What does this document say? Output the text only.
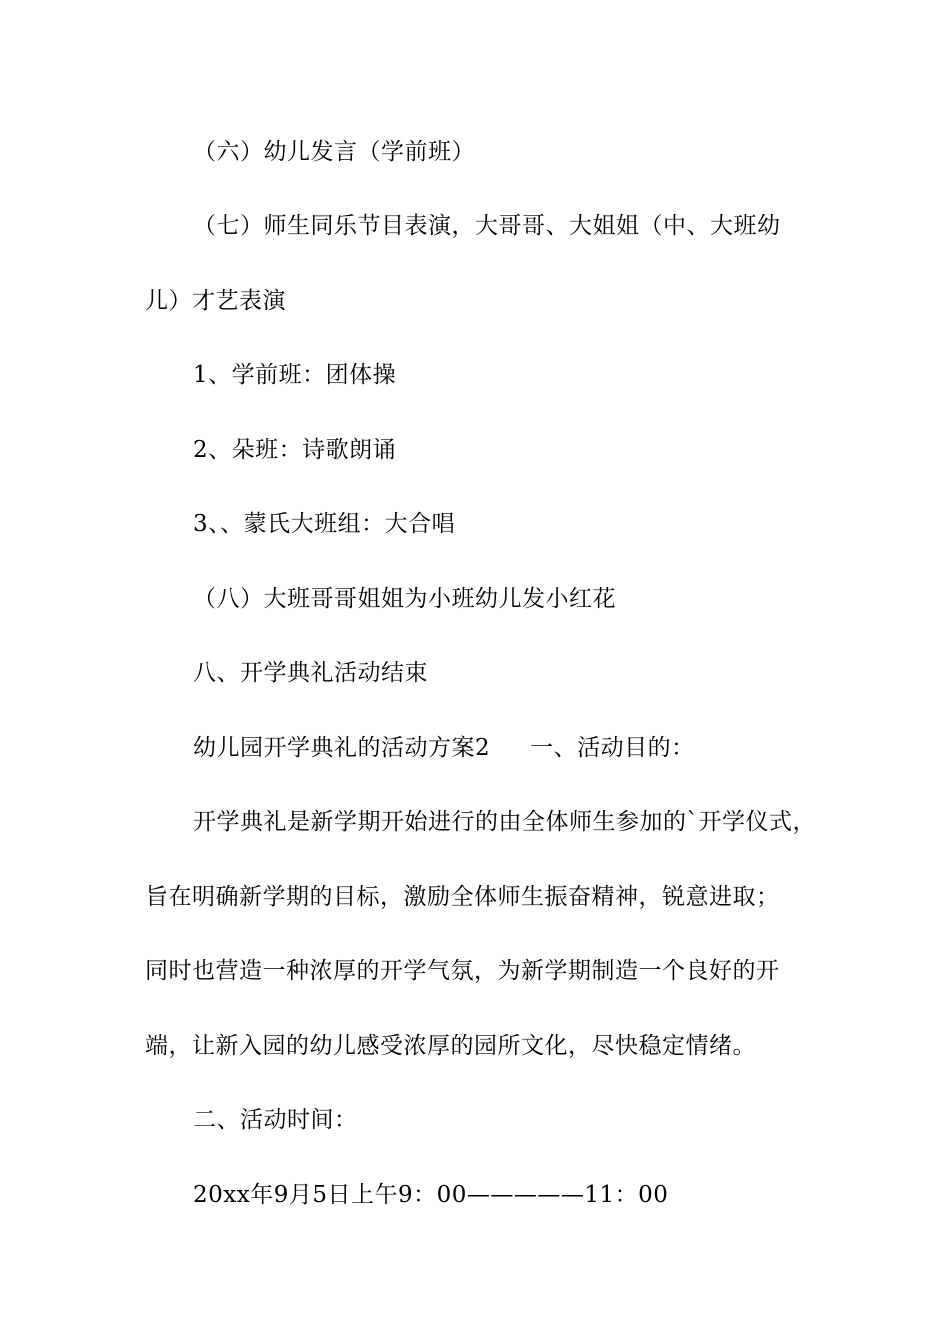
（六）幼儿发言（学前班）
（七）师生同乐节目表演，大哥哥、大姐姐（中、大班幼
儿）才艺表演
1、学前班：团体操
2、朵班：诗歌朗诵
3、、蒙氏大班组：大合唱
（八）大班哥哥姐姐为小班幼儿发小红花
八、开学典礼活动结束
幼儿园开学典礼的活动方案2 一、活动目的：
开学典礼是新学期开始进行的由全体师生参加的`开学仪式，
旨在明确新学期的目标，激励全体师生振奋精神，锐意进取；
同时也营造一种浓厚的开学气氛，为新学期制造一个良好的开
端，让新入园的幼儿感受浓厚的园所文化，尽快稳定情绪。
二、活动时间：
20xx年9月5日上午9：00—————11：00
